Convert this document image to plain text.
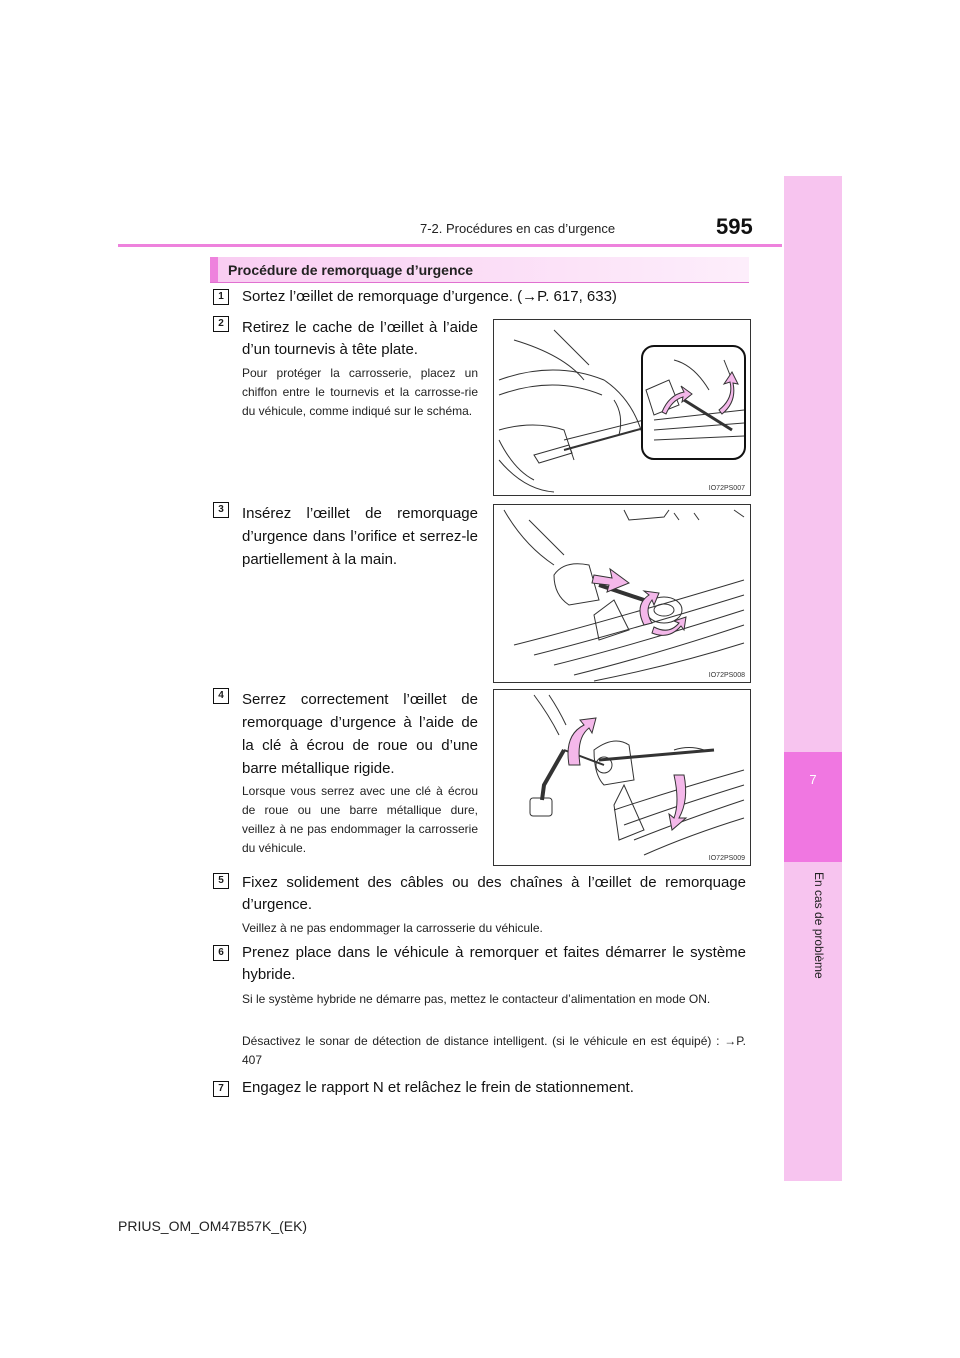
7-2. Procédures en cas d’urgence	595
7
En cas de problème
Procédure de remorquage d’urgence
1	Sortez l’œillet de remorquage d’urgence. (→P. 617, 633)
2	Retirez le cache de l’œillet à l’aide d’un tournevis à tête plate.
Pour protéger la carrosserie, placez un chiffon entre le tournevis et la carrosse-rie du véhicule, comme indiqué sur le schéma.
IO72PS007
3	Insérez l’œillet de remorquage d’urgence dans l’orifice et serrez-le partiellement à la main.
IO72PS008
4	Serrez correctement l’œillet de remorquage d’urgence à l’aide de la clé à écrou de roue ou d’une barre métallique rigide.
Lorsque vous serrez avec une clé à écrou de roue ou une barre métallique dure, veillez à ne pas endommager la carrosserie du véhicule.
IO72PS009
5	Fixez solidement des câbles ou des chaînes à l’œillet de remorquage d’urgence.
Veillez à ne pas endommager la carrosserie du véhicule.
6	Prenez place dans le véhicule à remorquer et faites démarrer le système hybride.
Si le système hybride ne démarre pas, mettez le contacteur d’alimentation en mode ON.
Désactivez le sonar de détection de distance intelligent. (si le véhicule en est équipé) : →P. 407
7	Engagez le rapport N et relâchez le frein de stationnement.
PRIUS_OM_OM47B57K_(EK)
